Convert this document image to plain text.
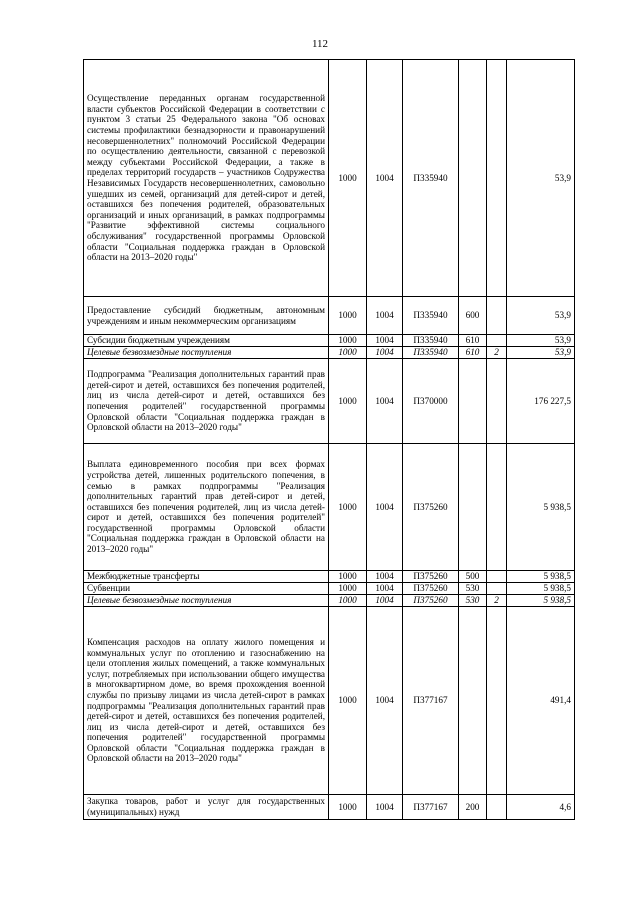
112
Осуществление переданных органам государственной власти субъектов Российской Федерации в соответствии с пунктом 3 статьи 25 Федерального закона "Об основах системы профилактики безнадзорности и правонарушений несовершеннолетних" полномочий Российской Федерации по осуществлению деятельности, связанной с перевозкой между субъектами Российской Федерации, а также в пределах территорий государств – участников Содружества Независимых Государств несовершеннолетних, самовольно ушедших из семей, организаций для детей-сирот и детей, оставшихся без попечения родителей, образовательных организаций и иных организаций, в рамках подпрограммы "Развитие эффективной системы социального обслуживания" государственной программы Орловской области "Социальная поддержка граждан в Орловской области на 2013–2020 годы"	1000	1004	П335940			53,9
Предоставление субсидий бюджетным, автономным учреждениям и иным некоммерческим организациям	1000	1004	П335940	600		53,9
Субсидии бюджетным учреждениям	1000	1004	П335940	610		53,9
Целевые безвозмездные поступления	1000	1004	П335940	610	2	53,9
Подпрограмма "Реализация дополнительных гарантий прав детей-сирот и детей, оставшихся без попечения родителей, лиц из числа детей-сирот и детей, оставшихся без попечения родителей" государственной программы Орловской области "Социальная поддержка граждан в Орловской области на 2013–2020 годы"	1000	1004	П370000			176 227,5
Выплата единовременного пособия при всех формах устройства детей, лишенных родительского попечения, в семью в рамках подпрограммы "Реализация дополнительных гарантий прав детей-сирот и детей, оставшихся без попечения родителей, лиц из числа детей-сирот и детей, оставшихся без попечения родителей" государственной программы Орловской области "Социальная поддержка граждан в Орловской области на 2013–2020 годы"	1000	1004	П375260			5 938,5
Межбюджетные трансферты	1000	1004	П375260	500		5 938,5
Субвенции	1000	1004	П375260	530		5 938,5
Целевые безвозмездные поступления	1000	1004	П375260	530	2	5 938,5
Компенсация расходов на оплату жилого помещения и коммунальных услуг по отоплению и газоснабжению на цели отопления жилых помещений, а также коммунальных услуг, потребляемых при использовании общего имущества в многоквартирном доме, во время прохождения военной службы по призыву лицами из числа детей-сирот в рамках подпрограммы "Реализация дополнительных гарантий прав детей-сирот и детей, оставшихся без попечения родителей, лиц из числа детей-сирот и детей, оставшихся без попечения родителей" государственной программы Орловской области "Социальная поддержка граждан в Орловской области на 2013–2020 годы"	1000	1004	П377167			491,4
Закупка товаров, работ и услуг для государственных (муниципальных) нужд	1000	1004	П377167	200		4,6
